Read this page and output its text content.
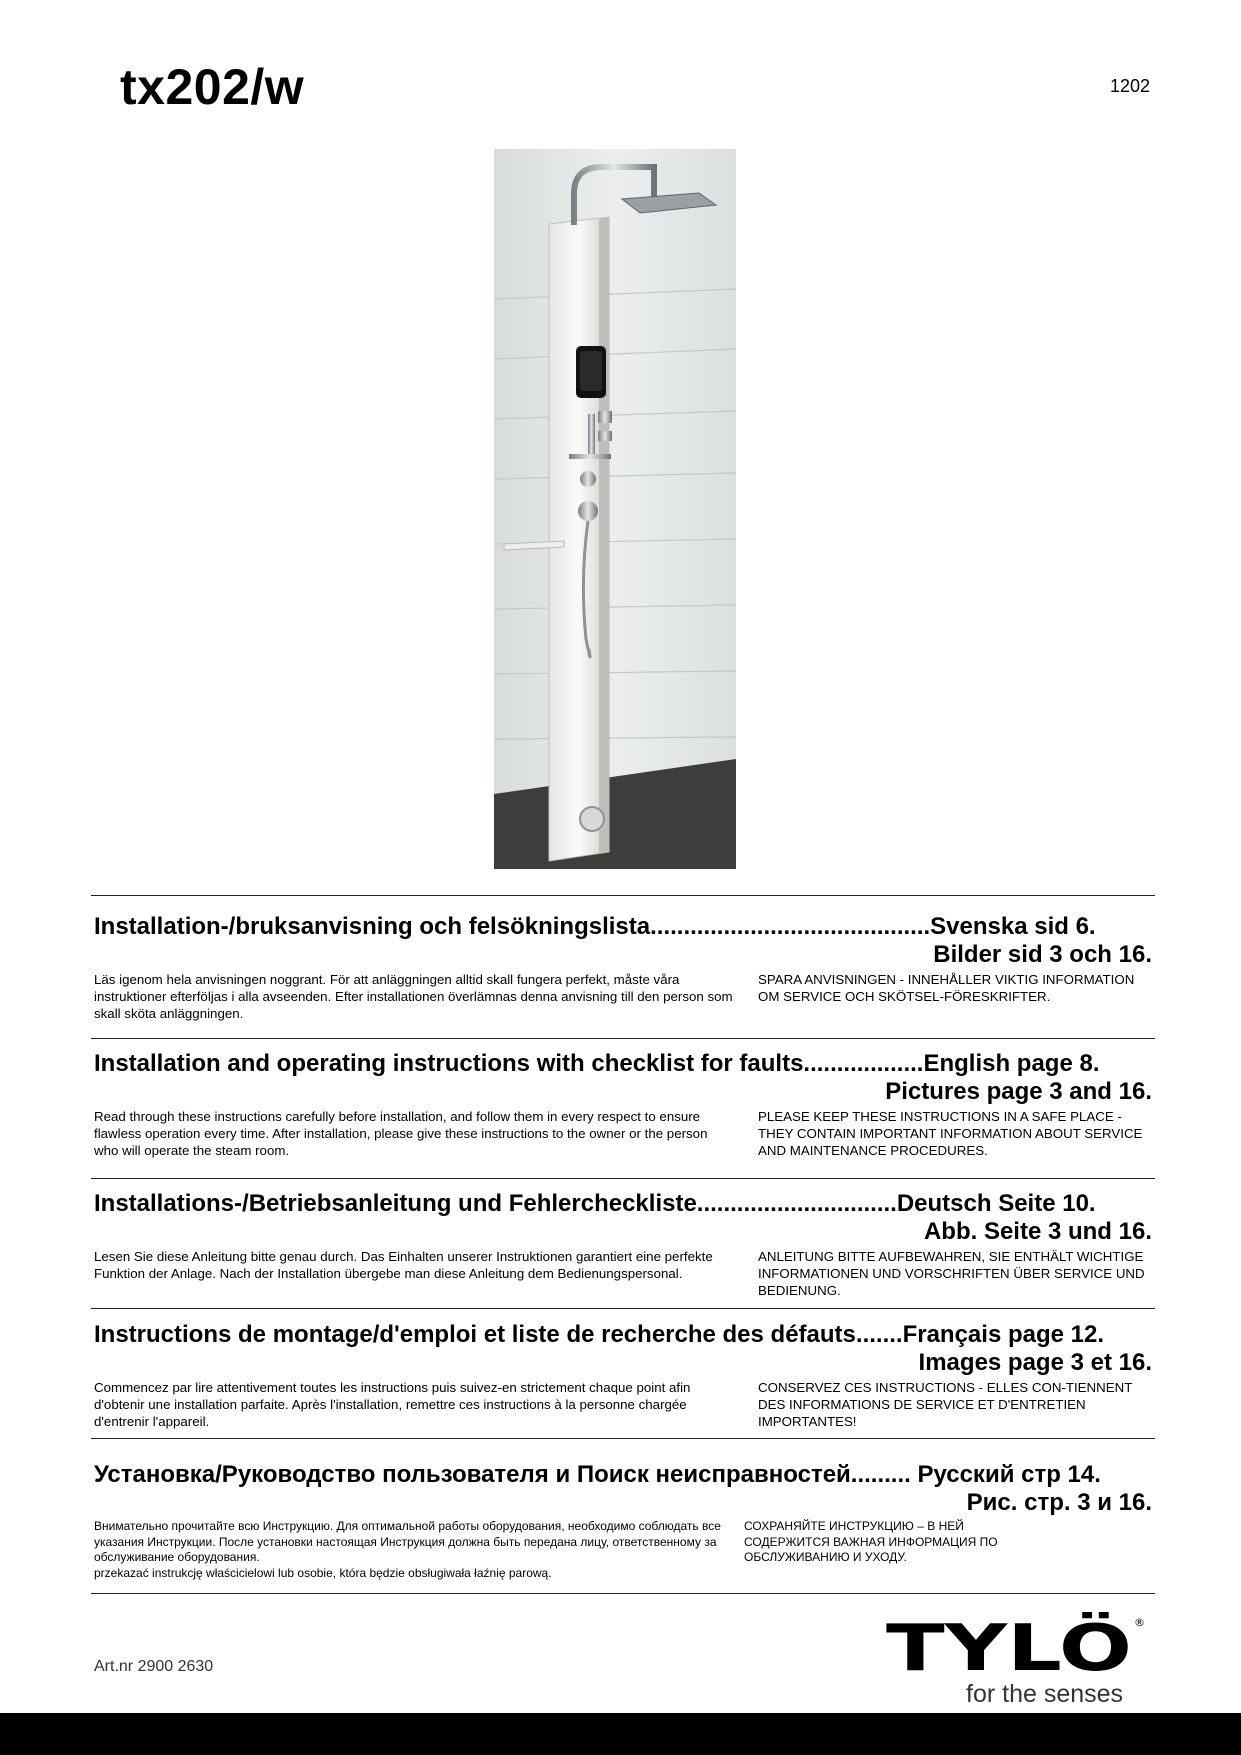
tx202/w	1202
Installation-/bruksanvisning och felsökningslista..........................................Svenska sid 6.
Bilder sid 3 och 16.
Läs igenom hela anvisningen noggrant. För att anläggningen alltid skall fungera perfekt, måste våra instruktioner efterföljas i alla avseenden. Efter installationen överlämnas denna anvisning till den person som skall sköta anläggningen.
SPARA ANVISNINGEN - INNEHÅLLER VIKTIG INFORMATION OM SERVICE OCH SKÖTSEL-FÖRESKRIFTER.
Installation and operating instructions with checklist for faults..................English page 8.
Pictures page 3 and 16.
Read through these instructions carefully before installation, and follow them in every respect to ensure flawless operation every time. After installation, please give these instructions to the owner or the person who will operate the steam room.
PLEASE KEEP THESE INSTRUCTIONS IN A SAFE PLACE - THEY CONTAIN IMPORTANT INFORMATION ABOUT SERVICE AND MAINTENANCE PROCEDURES.
Installations-/Betriebsanleitung und Fehlercheckliste..............................Deutsch Seite 10.
Abb. Seite 3 und 16.
Lesen Sie diese Anleitung bitte genau durch. Das Einhalten unserer Instruktionen garantiert eine perfekte Funktion der Anlage. Nach der Installation übergebe man diese Anleitung dem Bedienungspersonal.
ANLEITUNG BITTE AUFBEWAHREN, SIE ENTHÄLT WICHTIGE INFORMATIONEN UND VORSCHRIFTEN ÜBER SERVICE UND BEDIENUNG.
Instructions de montage/d'emploi et liste de recherche des défauts.......Français page 12.
Images page 3 et 16.
Commencez par lire attentivement toutes les instructions puis suivez-en strictement chaque point afin d'obtenir une installation parfaite. Après l'installation, remettre ces instructions à la personne chargée d'entrenir l'appareil.
CONSERVEZ CES INSTRUCTIONS - ELLES CON-TIENNENT DES INFORMATIONS DE SERVICE ET D'ENTRETIEN IMPORTANTES!
Установка/Руководство пользователя и Поиск неисправностей......... Русский стр 14.
Рис. стр. 3 и 16.
Внимательно прочитайте всю Инструкцию. Для оптимальной работы оборудования, необходимо соблюдать все указания Инструкции. После установки настоящая Инструкция должна быть передана лицу, ответственному за обслуживание оборудования.
przekazać instrukcję właścicielowi lub osobie, która będzie obsługiwała łaźnię parową.
СОХРАНЯЙТЕ ИНСТРУКЦИЮ – В НЕЙ СОДЕРЖИТСЯ ВАЖНАЯ ИНФОРМАЦИЯ ПО ОБСЛУЖИВАНИЮ И УХОДУ.
Art.nr 2900 2630	TYLÖ	®
for the senses
